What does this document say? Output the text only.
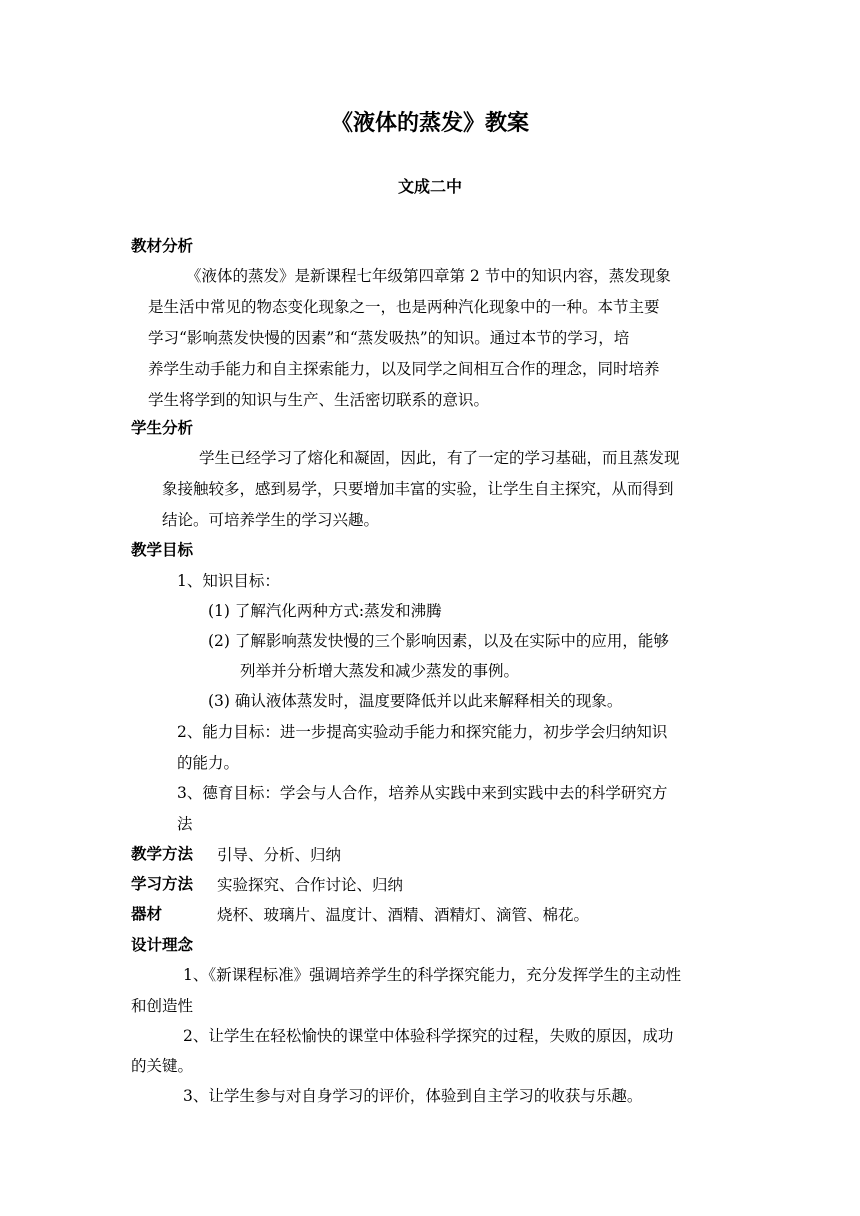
《液体的蒸发》教案
文成二中
教材分析
《液体的蒸发》是新课程七年级第四章第 2 节中的知识内容，蒸发现象
是生活中常见的物态变化现象之一，也是两种汽化现象中的一种。本节主要
学习“影响蒸发快慢的因素”和“蒸发吸热”的知识。通过本节的学习，培
养学生动手能力和自主探索能力，以及同学之间相互合作的理念，同时培养
学生将学到的知识与生产、生活密切联系的意识。
学生分析
学生已经学习了熔化和凝固，因此，有了一定的学习基础，而且蒸发现
象接触较多，感到易学，只要增加丰富的实验，让学生自主探究，从而得到
结论。可培养学生的学习兴趣。
教学目标
1、知识目标：
(1) 了解汽化两种方式:蒸发和沸腾
(2) 了解影响蒸发快慢的三个影响因素，以及在实际中的应用，能够
列举并分析增大蒸发和减少蒸发的事例。
(3) 确认液体蒸发时，温度要降低并以此来解释相关的现象。
2、能力目标：进一步提高实验动手能力和探究能力，初步学会归纳知识
的能力。
3、德育目标：学会与人合作，培养从实践中来到实践中去的科学研究方
法
教学方法 引导、分析、归纳
学习方法 实验探究、合作讨论、归纳
器材	烧杯、玻璃片、温度计、酒精、酒精灯、滴管、棉花。
设计理念
1、《新课程标准》强调培养学生的科学探究能力，充分发挥学生的主动性
和创造性
2、让学生在轻松愉快的课堂中体验科学探究的过程，失败的原因，成功
的关键。
3、让学生参与对自身学习的评价，体验到自主学习的收获与乐趣。
